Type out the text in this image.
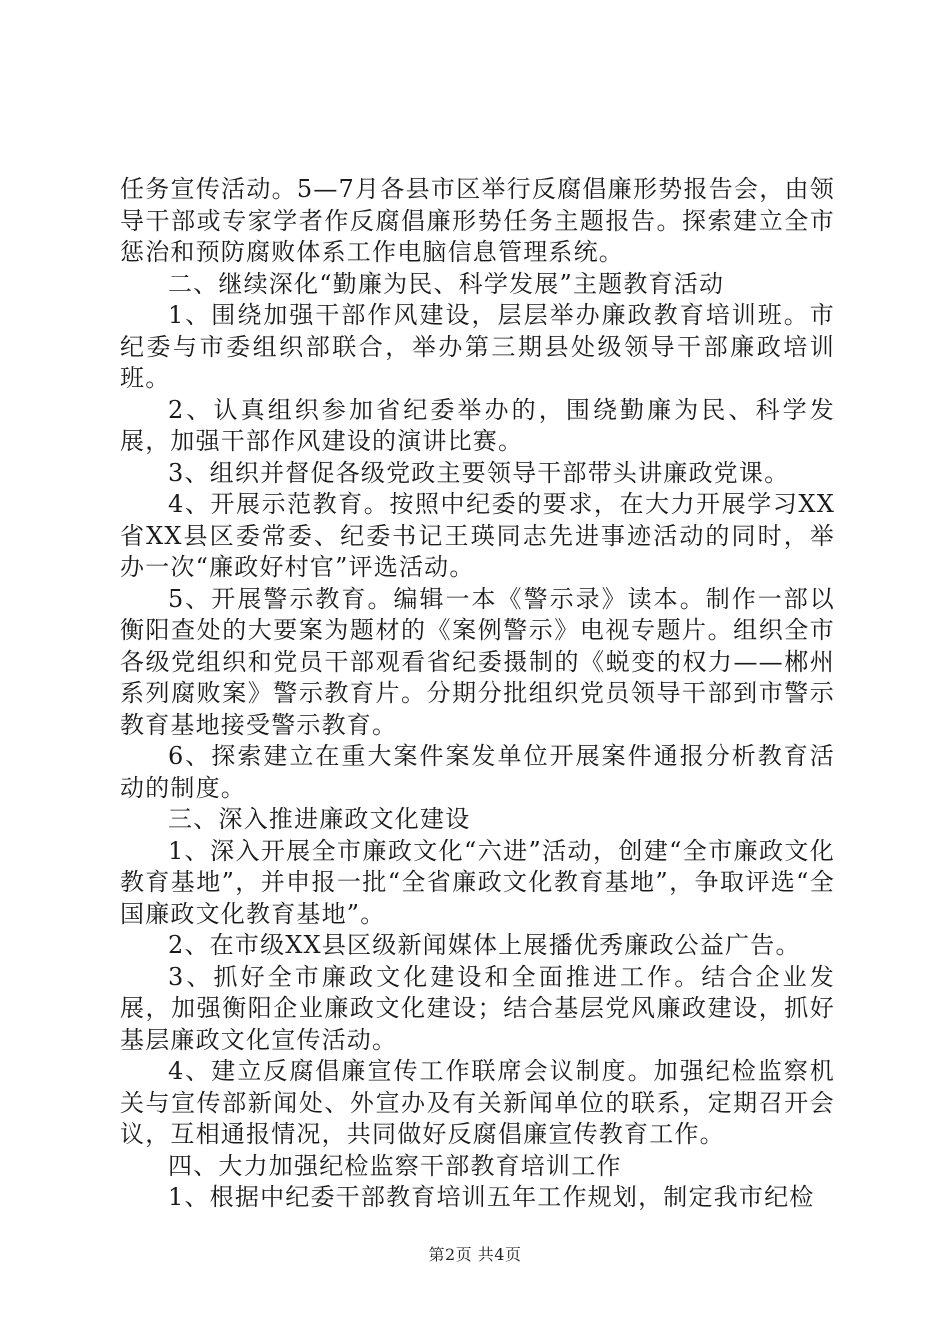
任务宣传活动。5—7月各县市区举行反腐倡廉形势报告会，由领导干部或专家学者作反腐倡廉形势任务主题报告。探索建立全市惩治和预防腐败体系工作电脑信息管理系统。

二、继续深化“勤廉为民、科学发展”主题教育活动

1、围绕加强干部作风建设，层层举办廉政教育培训班。市纪委与市委组织部联合，举办第三期县处级领导干部廉政培训班。

2、认真组织参加省纪委举办的，围绕勤廉为民、科学发展，加强干部作风建设的演讲比赛。

3、组织并督促各级党政主要领导干部带头讲廉政党课。

4、开展示范教育。按照中纪委的要求，在大力开展学习XX省XX县区委常委、纪委书记王瑛同志先进事迹活动的同时，举办一次“廉政好村官”评选活动。

5、开展警示教育。编辑一本《警示录》读本。制作一部以衡阳查处的大要案为题材的《案例警示》电视专题片。组织全市各级党组织和党员干部观看省纪委摄制的《蜕变的权力——郴州系列腐败案》警示教育片。分期分批组织党员领导干部到市警示教育基地接受警示教育。

6、探索建立在重大案件案发单位开展案件通报分析教育活动的制度。

三、深入推进廉政文化建设

1、深入开展全市廉政文化“六进”活动，创建“全市廉政文化教育基地”，并申报一批“全省廉政文化教育基地”，争取评选“全国廉政文化教育基地”。

2、在市级XX县区级新闻媒体上展播优秀廉政公益广告。

3、抓好全市廉政文化建设和全面推进工作。结合企业发展，加强衡阳企业廉政文化建设；结合基层党风廉政建设，抓好基层廉政文化宣传活动。

4、建立反腐倡廉宣传工作联席会议制度。加强纪检监察机关与宣传部新闻处、外宣办及有关新闻单位的联系，定期召开会议，互相通报情况，共同做好反腐倡廉宣传教育工作。

四、大力加强纪检监察干部教育培训工作

1、根据中纪委干部教育培训五年工作规划，制定我市纪检

第2页 共4页
